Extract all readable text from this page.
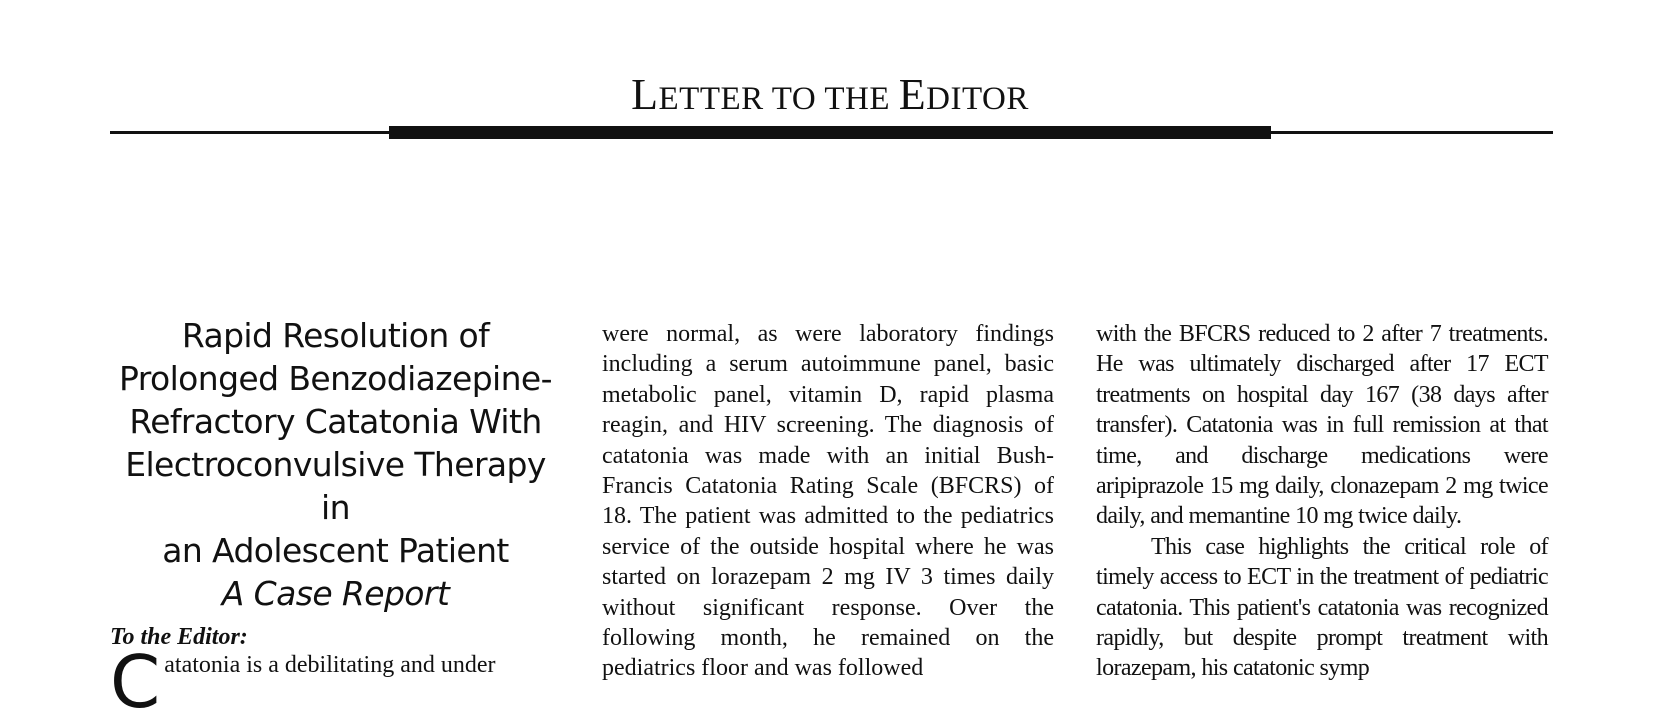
LETTER TO THE EDITOR
Rapid Resolution of
Prolonged Benzodiazepine-
Refractory Catatonia With
Electroconvulsive Therapy in
an Adolescent Patient
A Case Report
To the Editor:
Catatonia is a debilitating and under

were normal, as were laboratory findings including a serum autoimmune panel, basic metabolic panel, vitamin D, rapid plasma reagin, and HIV screening. The diagnosis of catatonia was made with an initial Bush-Francis Catatonia Rating Scale (BFCRS) of 18. The patient was admitted to the pediatrics service of the outside hospital where he was started on lorazepam 2 mg IV 3 times daily without significant response. Over the following month, he remained on the pediatrics floor and was followed

with the BFCRS reduced to 2 after 7 treatments. He was ultimately discharged after 17 ECT treatments on hospital day 167 (38 days after transfer). Catatonia was in full remission at that time, and discharge medications were aripiprazole 15 mg daily, clonazepam 2 mg twice daily, and memantine 10 mg twice daily.

This case highlights the critical role of timely access to ECT in the treatment of pediatric catatonia. This patient's catatonia was recognized rapidly, but despite prompt treatment with lorazepam, his catatonic symp
